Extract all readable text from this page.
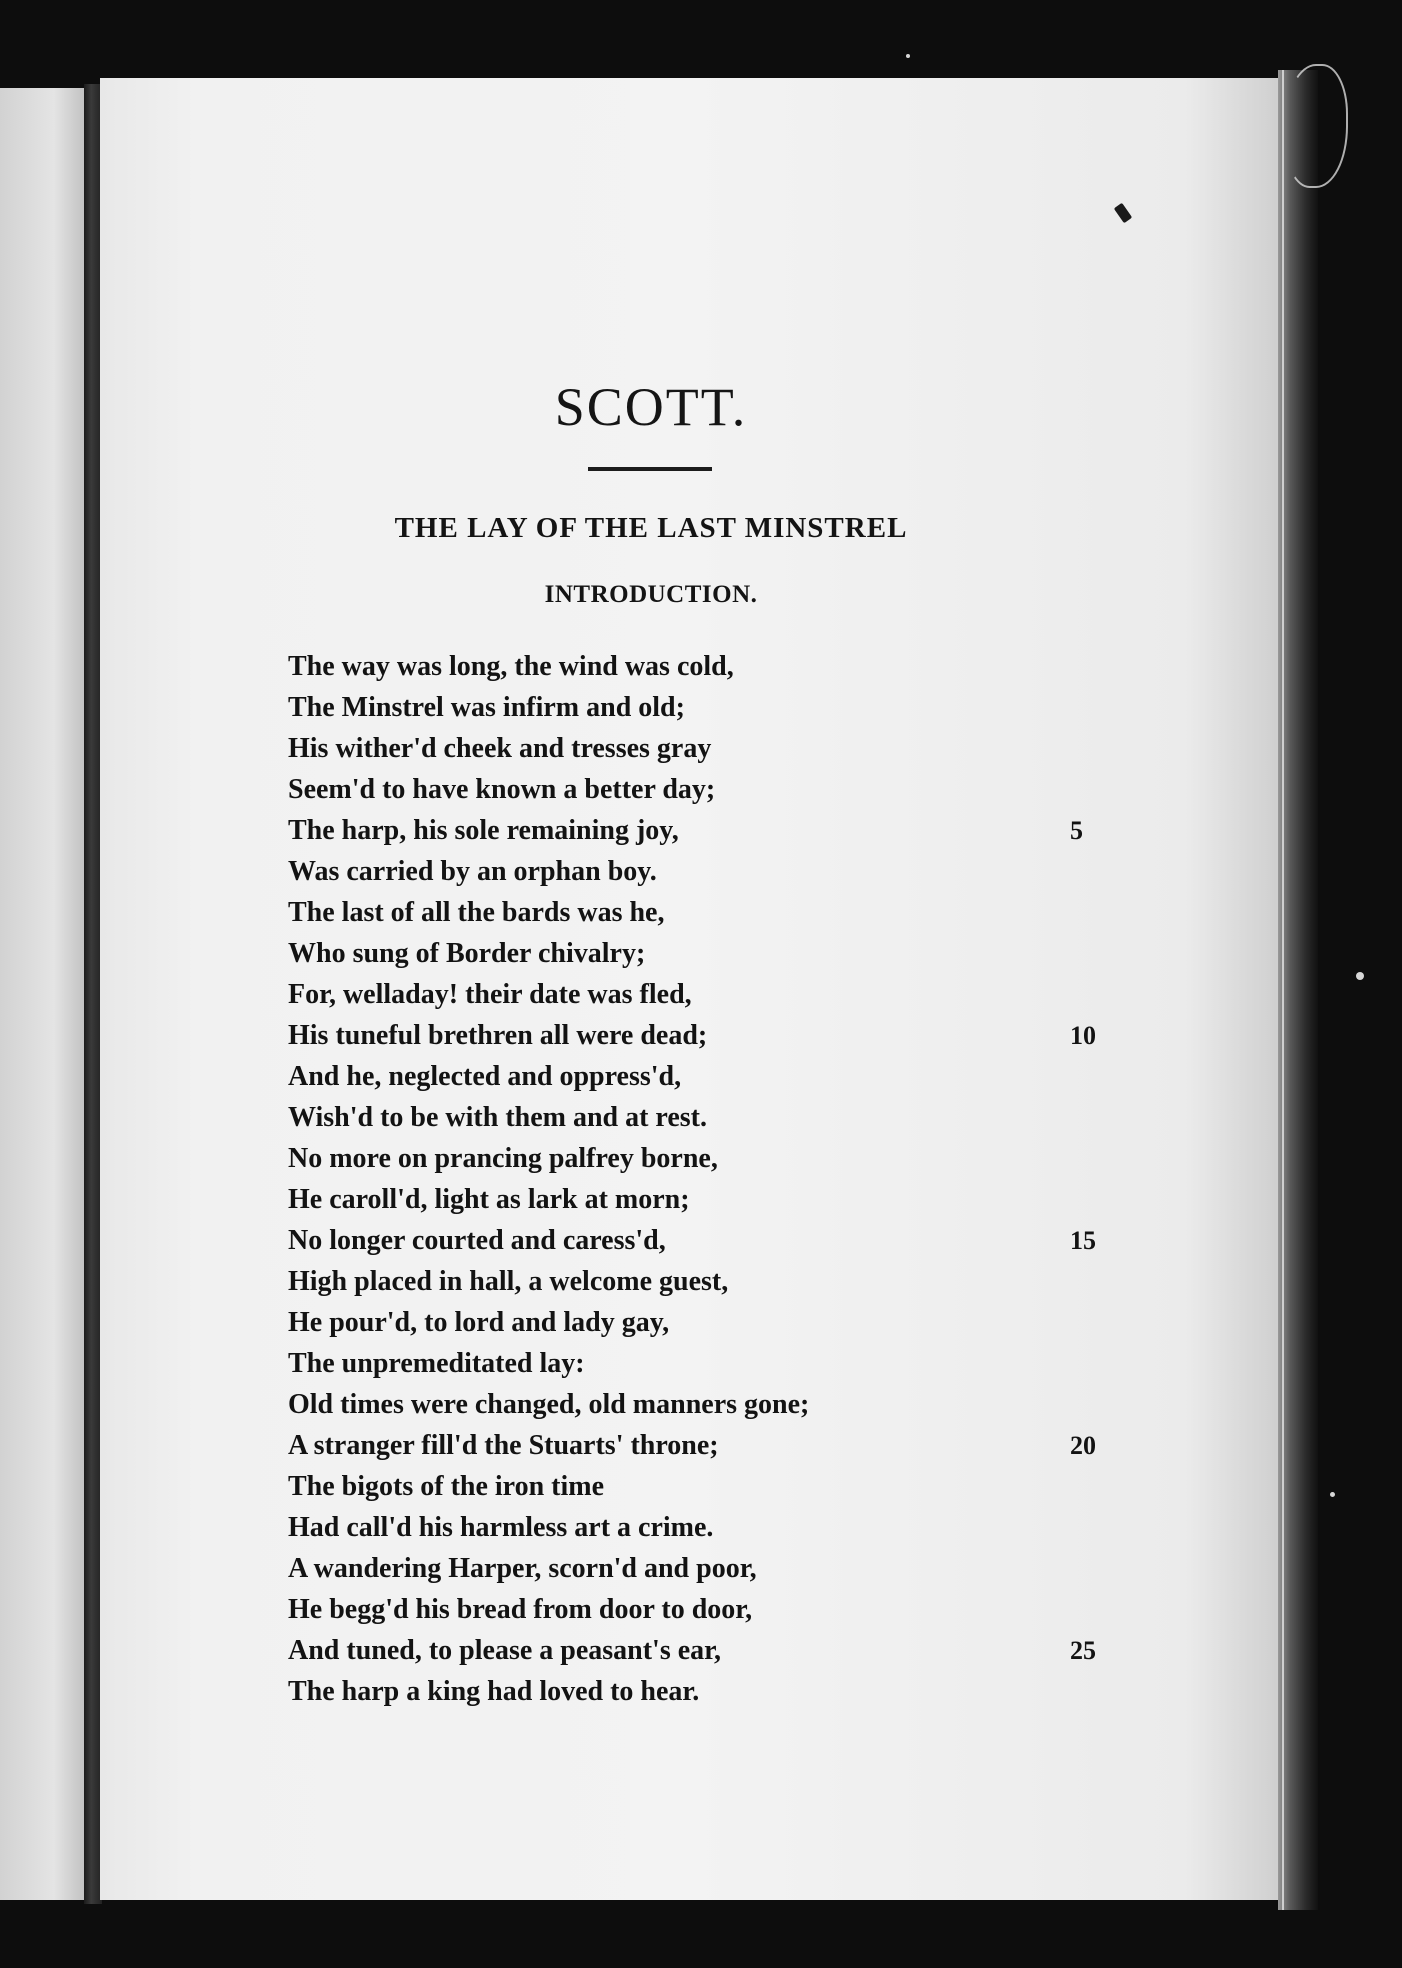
SCOTT.
THE LAY OF THE LAST MINSTREL
INTRODUCTION.
The way was long, the wind was cold,
The Minstrel was infirm and old;
His wither'd cheek and tresses gray
Seem'd to have known a better day;
The harp, his sole remaining joy,	5
Was carried by an orphan boy.
The last of all the bards was he,
Who sung of Border chivalry;
For, welladay! their date was fled,
His tuneful brethren all were dead;	10
And he, neglected and oppress'd,
Wish'd to be with them and at rest.
No more on prancing palfrey borne,
He caroll'd, light as lark at morn;
No longer courted and caress'd,	15
High placed in hall, a welcome guest,
He pour'd, to lord and lady gay,
The unpremeditated lay:
Old times were changed, old manners gone;
A stranger fill'd the Stuarts' throne;	20
The bigots of the iron time
Had call'd his harmless art a crime.
A wandering Harper, scorn'd and poor,
He begg'd his bread from door to door,
And tuned, to please a peasant's ear,	25
The harp a king had loved to hear.
